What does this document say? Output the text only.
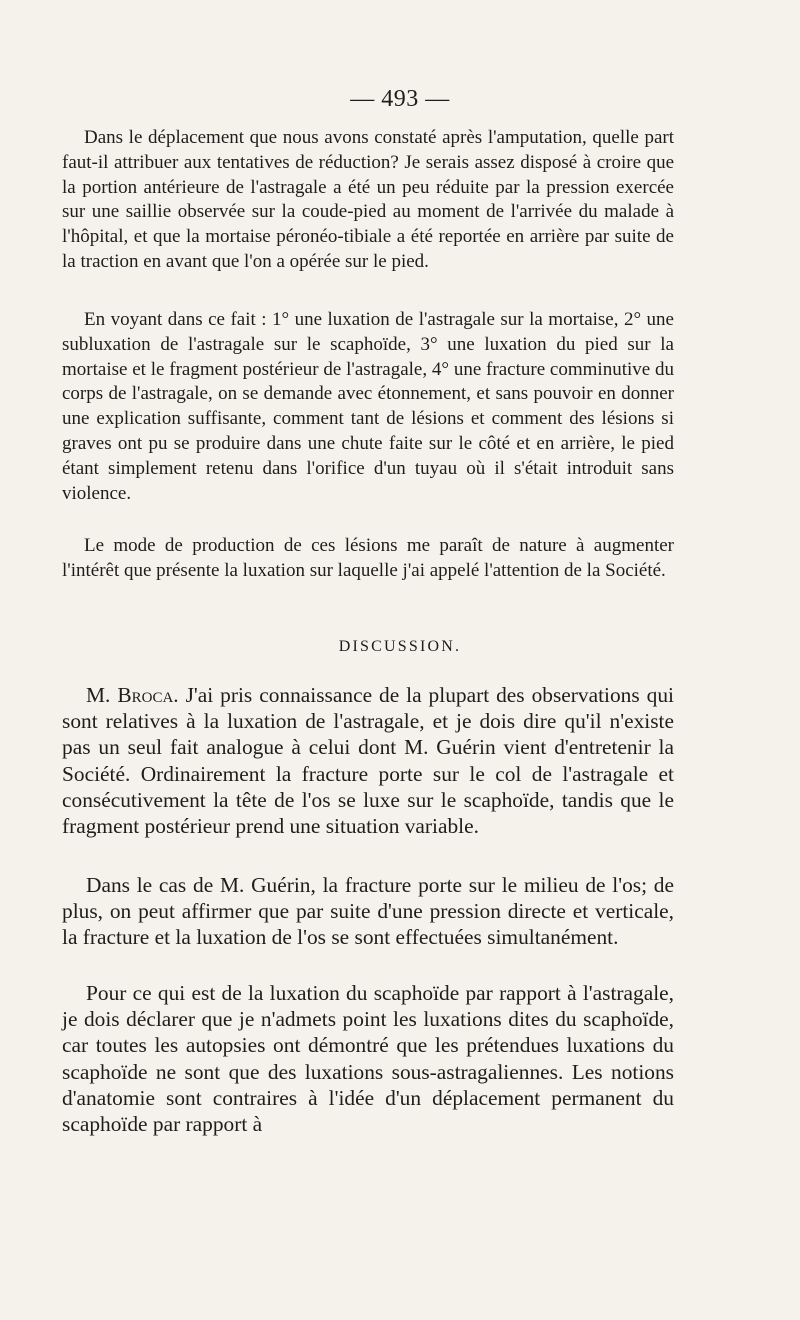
— 493 —

Dans le déplacement que nous avons constaté après l'amputation, quelle part faut-il attribuer aux tentatives de réduction? Je serais assez disposé à croire que la portion antérieure de l'astragale a été un peu réduite par la pression exercée sur une saillie observée sur la coude-pied au moment de l'arrivée du malade à l'hôpital, et que la mortaise péronéo-tibiale a été reportée en arrière par suite de la traction en avant que l'on a opérée sur le pied.

En voyant dans ce fait : 1° une luxation de l'astragale sur la mortaise, 2° une subluxation de l'astragale sur le scaphoïde, 3° une luxation du pied sur la mortaise et le fragment postérieur de l'astragale, 4° une fracture comminutive du corps de l'astragale, on se demande avec étonnement, et sans pouvoir en donner une explication suffisante, comment tant de lésions et comment des lésions si graves ont pu se produire dans une chute faite sur le côté et en arrière, le pied étant simplement retenu dans l'orifice d'un tuyau où il s'était introduit sans violence.

Le mode de production de ces lésions me paraît de nature à augmenter l'intérêt que présente la luxation sur laquelle j'ai appelé l'attention de la Société.

DISCUSSION.

M. Broca. J'ai pris connaissance de la plupart des observations qui sont relatives à la luxation de l'astragale, et je dois dire qu'il n'existe pas un seul fait analogue à celui dont M. Guérin vient d'entretenir la Société. Ordinairement la fracture porte sur le col de l'astragale et consécutivement la tête de l'os se luxe sur le scaphoïde, tandis que le fragment postérieur prend une situation variable.

Dans le cas de M. Guérin, la fracture porte sur le milieu de l'os; de plus, on peut affirmer que par suite d'une pression directe et verticale, la fracture et la luxation de l'os se sont effectuées simultanément.

Pour ce qui est de la luxation du scaphoïde par rapport à l'astragale, je dois déclarer que je n'admets point les luxations dites du scaphoïde, car toutes les autopsies ont démontré que les prétendues luxations du scaphoïde ne sont que des luxations sous-astragaliennes. Les notions d'anatomie sont contraires à l'idée d'un déplacement permanent du scaphoïde par rapport à
